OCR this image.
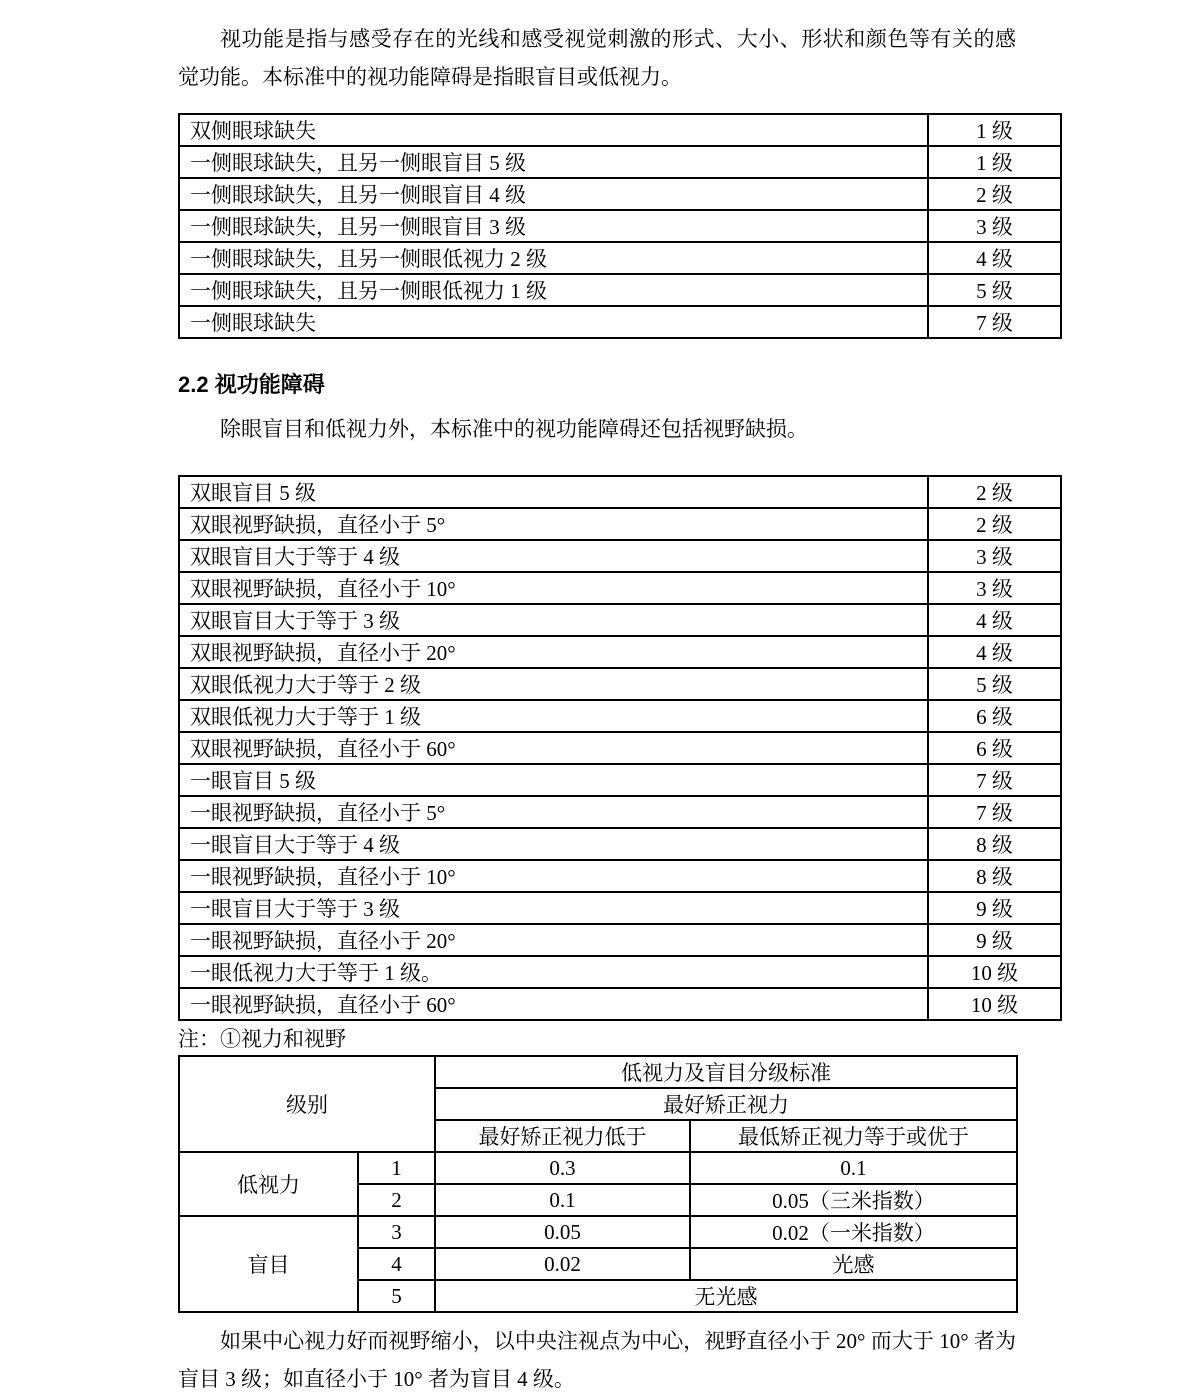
视功能是指与感受存在的光线和感受视觉刺激的形式、大小、形状和颜色等有关的感觉功能。本标准中的视功能障碍是指眼盲目或低视力。

双侧眼球缺失	1 级
一侧眼球缺失，且另一侧眼盲目 5 级	1 级
一侧眼球缺失，且另一侧眼盲目 4 级	2 级
一侧眼球缺失，且另一侧眼盲目 3 级	3 级
一侧眼球缺失，且另一侧眼低视力 2 级	4 级
一侧眼球缺失，且另一侧眼低视力 1 级	5 级
一侧眼球缺失	7 级
2.2 视功能障碍

除眼盲目和低视力外，本标准中的视功能障碍还包括视野缺损。

双眼盲目 5 级	2 级
双眼视野缺损，直径小于 5°	2 级
双眼盲目大于等于 4 级	3 级
双眼视野缺损，直径小于 10°	3 级
双眼盲目大于等于 3 级	4 级
双眼视野缺损，直径小于 20°	4 级
双眼低视力大于等于 2 级	5 级
双眼低视力大于等于 1 级	6 级
双眼视野缺损，直径小于 60°	6 级
一眼盲目 5 级	7 级
一眼视野缺损，直径小于 5°	7 级
一眼盲目大于等于 4 级	8 级
一眼视野缺损，直径小于 10°	8 级
一眼盲目大于等于 3 级	9 级
一眼视野缺损，直径小于 20°	9 级
一眼低视力大于等于 1 级。	10 级
一眼视野缺损，直径小于 60°	10 级

注：①视力和视野

级别		低视力及盲目分级标准	
		最好矫正视力	
		最好矫正视力低于	最低矫正视力等于或优于
低视力	1	0.3	0.1
	2	0.1	0.05（三米指数）
盲目	3	0.05	0.02（一米指数）
	4	0.02	光感
	5	无光感	

如果中心视力好而视野缩小，以中央注视点为中心，视野直径小于 20° 而大于 10° 者为盲目 3 级；如直径小于 10° 者为盲目 4 级。
